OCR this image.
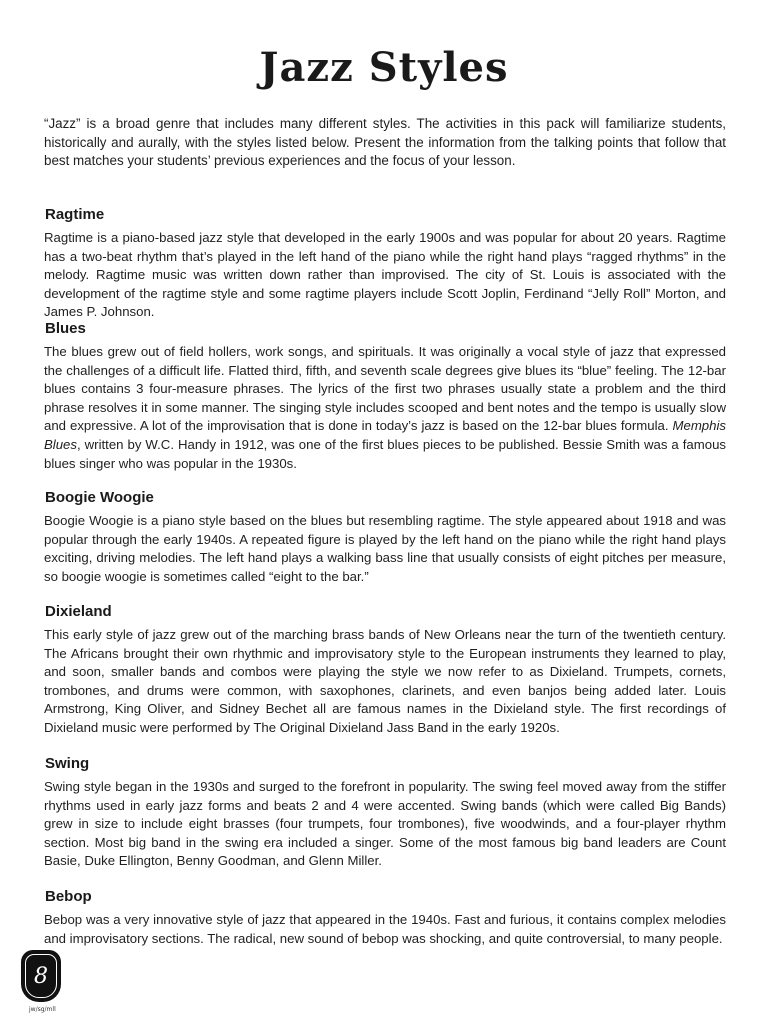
Jazz Styles

“Jazz” is a broad genre that includes many different styles. The activities in this pack will familiarize students, historically and aurally, with the styles listed below. Present the information from the talking points that follow that best matches your students’ previous experiences and the focus of your lesson.

Ragtime

Ragtime is a piano-based jazz style that developed in the early 1900s and was popular for about 20 years. Ragtime has a two-beat rhythm that’s played in the left hand of the piano while the right hand plays “ragged rhythms” in the melody. Ragtime music was written down rather than improvised. The city of St. Louis is associated with the development of the ragtime style and some ragtime players include Scott Joplin, Ferdinand “Jelly Roll” Morton, and James P. Johnson.

Blues

The blues grew out of field hollers, work songs, and spirituals. It was originally a vocal style of jazz that expressed the challenges of a difficult life. Flatted third, fifth, and seventh scale degrees give blues its “blue” feeling. The 12-bar blues contains 3 four-measure phrases. The lyrics of the first two phrases usually state a problem and the third phrase resolves it in some manner. The singing style includes scooped and bent notes and the tempo is usually slow and expressive. A lot of the improvisation that is done in today’s jazz is based on the 12-bar blues formula. Memphis Blues, written by W.C. Handy in 1912, was one of the first blues pieces to be published. Bessie Smith was a famous blues singer who was popular in the 1930s.

Boogie Woogie

Boogie Woogie is a piano style based on the blues but resembling ragtime. The style appeared about 1918 and was popular through the early 1940s. A repeated figure is played by the left hand on the piano while the right hand plays exciting, driving melodies. The left hand plays a walking bass line that usually consists of eight pitches per measure, so boogie woogie is sometimes called “eight to the bar.”

Dixieland

This early style of jazz grew out of the marching brass bands of New Orleans near the turn of the twentieth century. The Africans brought their own rhythmic and improvisatory style to the European instruments they learned to play, and soon, smaller bands and combos were playing the style we now refer to as Dixieland. Trumpets, cornets, trombones, and drums were common, with saxophones, clarinets, and even banjos being added later. Louis Armstrong, King Oliver, and Sidney Bechet all are famous names in the Dixieland style. The first recordings of Dixieland music were performed by The Original Dixieland Jass Band in the early 1920s.

Swing

Swing style began in the 1930s and surged to the forefront in popularity. The swing feel moved away from the stiffer rhythms used in early jazz forms and beats 2 and 4 were accented. Swing bands (which were called Big Bands) grew in size to include eight brasses (four trumpets, four trombones), five woodwinds, and a four-player rhythm section. Most big band in the swing era included a singer. Some of the most famous big band leaders are Count Basie, Duke Ellington, Benny Goodman, and Glenn Miller.

Bebop

Bebop was a very innovative style of jazz that appeared in the 1940s. Fast and furious, it contains complex melodies and improvisatory sections. The radical, new sound of bebop was shocking, and quite controversial, to many people.

8
jw/sg/mll
